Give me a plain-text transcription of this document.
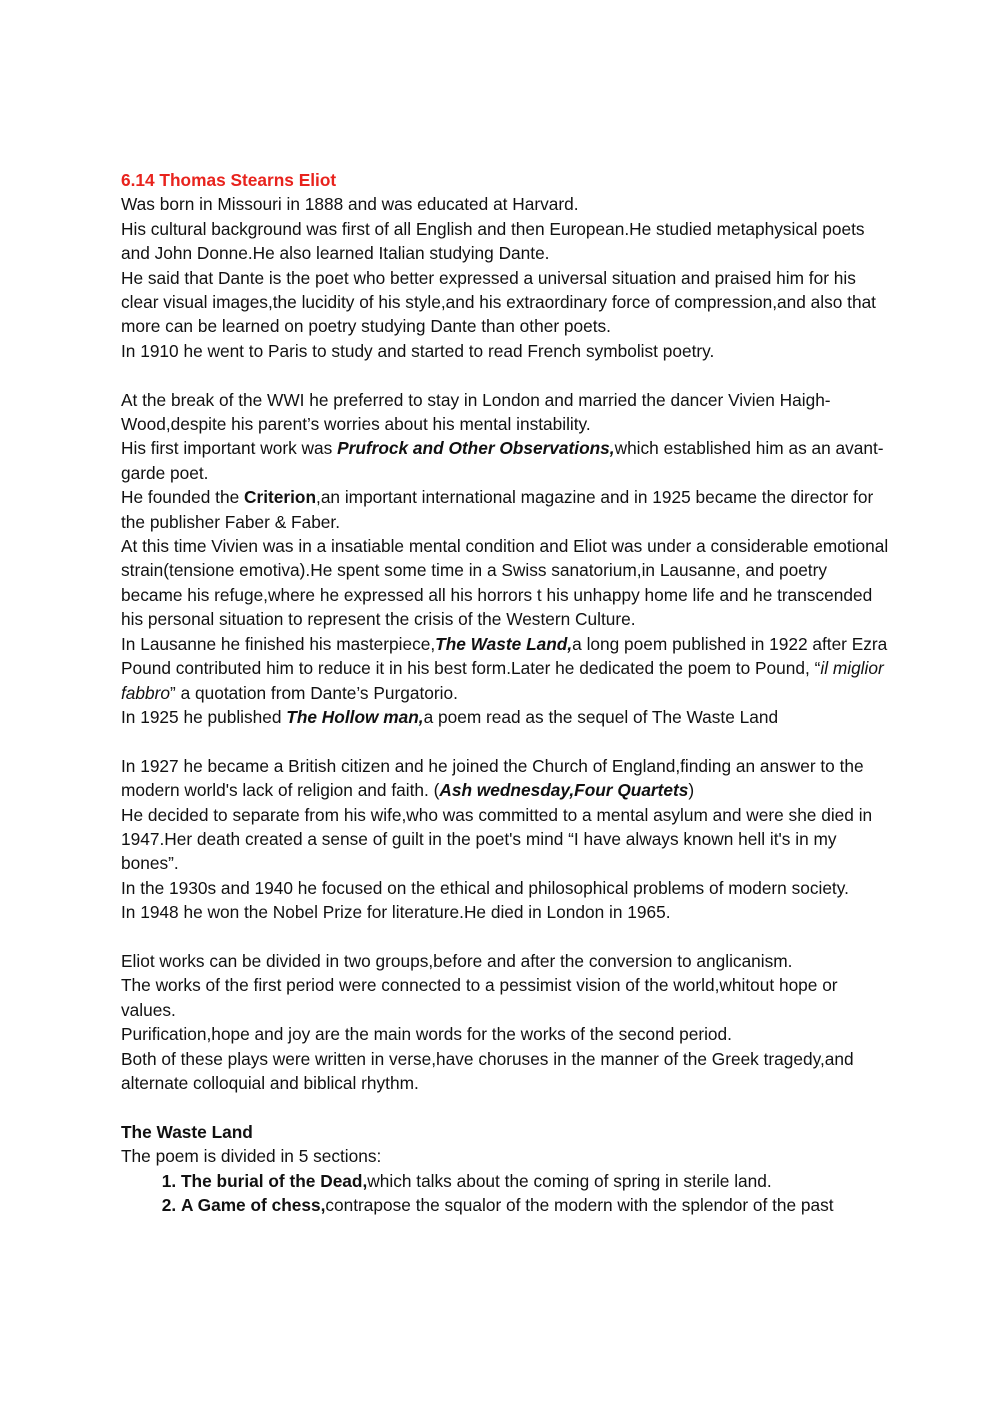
6.14 Thomas Stearns Eliot

Was born in Missouri in 1888 and was educated at Harvard.

His cultural background was first of all English and then European.He studied metaphysical poets and John Donne.He also learned Italian studying Dante.

He said that Dante is the poet who better expressed a universal situation and praised him for his clear visual images,the lucidity of his style,and his extraordinary force of compression,and also that more can be learned on poetry studying Dante than other poets.

In 1910 he went to Paris to study and started to read French symbolist poetry.

At the break of the WWI he preferred to stay in London and married the dancer Vivien Haigh-Wood,despite his parent’s worries about his mental instability.

His first important work was Prufrock and Other Observations,which established him as an avant-garde poet.

He founded the Criterion,an important international magazine and in 1925 became the director for the publisher Faber & Faber.

At this time Vivien was in a insatiable mental condition and Eliot was under a considerable emotional strain(tensione emotiva).He spent some time in a Swiss sanatorium,in Lausanne, and poetry became his refuge,where he expressed all his horrors t his unhappy home life and he transcended his personal situation to represent the crisis of the Western Culture.

In Lausanne he finished his masterpiece,The Waste Land,a long poem published in 1922 after Ezra Pound contributed him to reduce it in his best form.Later he dedicated the poem to Pound, “il miglior fabbro” a quotation from Dante’s Purgatorio.

In 1925 he published The Hollow man,a poem read as the sequel of The Waste Land

In 1927 he became a British citizen and he joined the Church of England,finding an answer to the modern world's lack of religion and faith. (Ash wednesday,Four Quartets)

He decided to separate from his wife,who was committed to a mental asylum and were she died in 1947.Her death created a sense of guilt in the poet's mind “I have always known hell it's in my bones”.

In the 1930s and 1940 he focused on the ethical and philosophical problems of modern society.

In 1948 he won the Nobel Prize for literature.He died in London in 1965.

Eliot works can be divided in two groups,before and after the conversion to anglicanism.

The works of the first period were connected to a pessimist vision of the world,whitout hope or values.

Purification,hope and joy are the main words for the works of the second period.

Both of these plays were written in verse,have choruses in the manner of the Greek tragedy,and alternate colloquial and biblical rhythm.

The Waste Land

The poem is divided in 5 sections:

1. The burial of the Dead,which talks about the coming of spring in sterile land.
2. A Game of chess,contrapose the squalor of the modern with the splendor of the past
